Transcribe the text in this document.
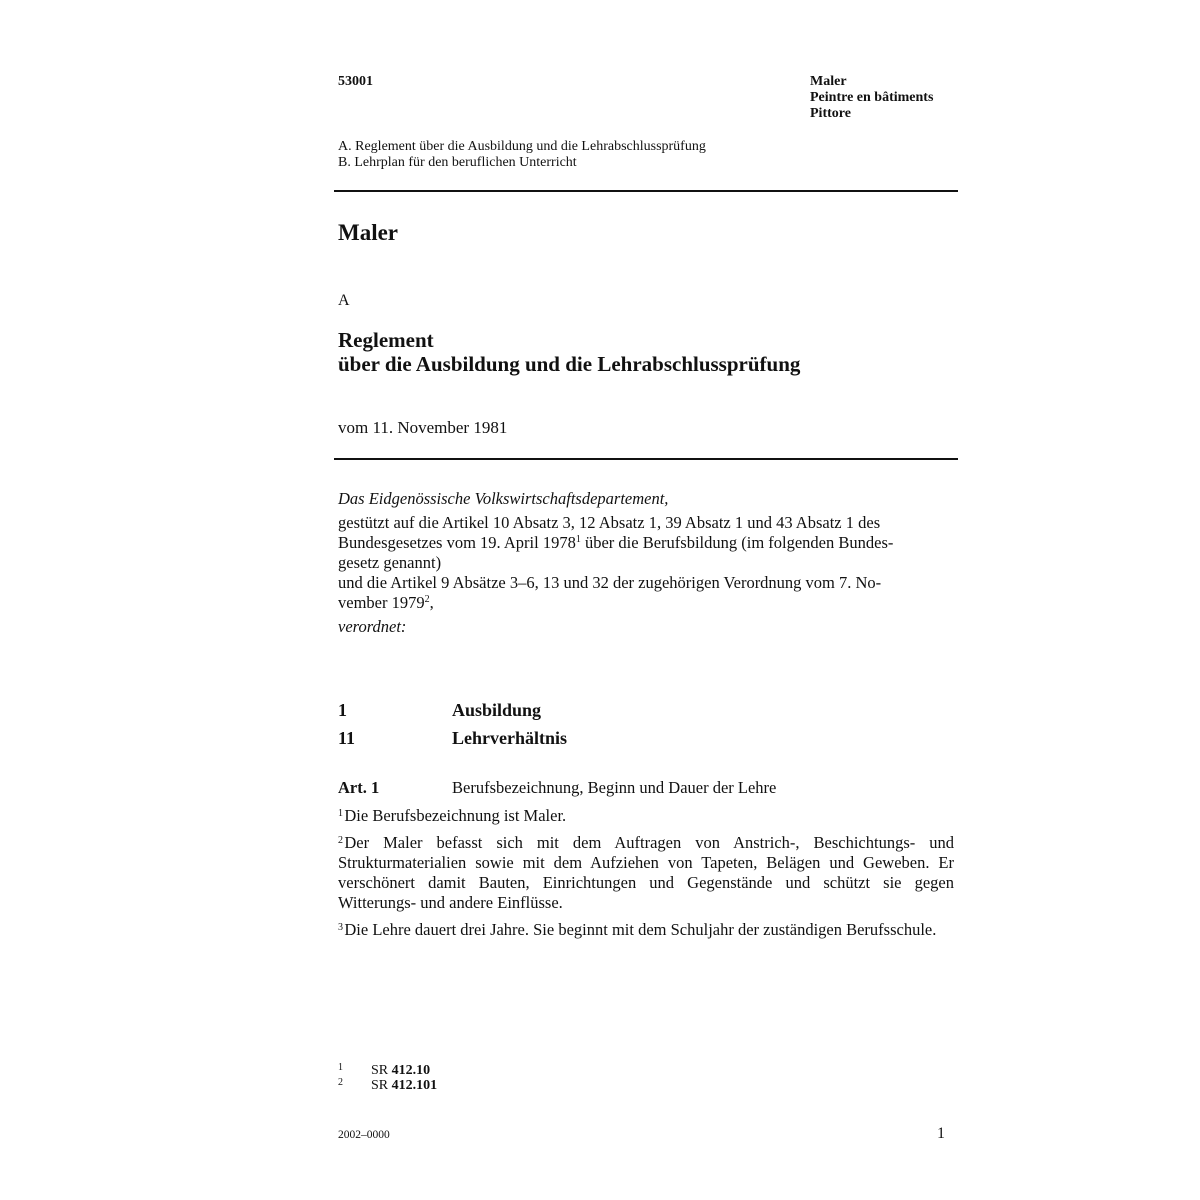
53001	Maler
Peintre en bâtiments
Pittore
A. Reglement über die Ausbildung und die Lehrabschlussprüfung
B. Lehrplan für den beruflichen Unterricht
Maler
A
Reglement
über die Ausbildung und die Lehrabschlussprüfung
vom 11. November 1981

Das Eidgenössische Volkswirtschaftsdepartement,

gestützt auf die Artikel 10 Absatz 3, 12 Absatz 1, 39 Absatz 1 und 43 Absatz 1 des
Bundesgesetzes vom 19. April 1978$^1$ über die Berufsbildung (im folgenden Bundes-
gesetz genannt)

und die Artikel 9 Absätze 3–6, 13 und 32 der zugehörigen Verordnung vom 7. No-
vember 1979$^2$,

verordnet:

1	Ausbildung
11	Lehrverhältnis
Art. 1	Berufsbezeichnung, Beginn und Dauer der Lehre

$^1$ Die Berufsbezeichnung ist Maler.

$^2$ Der Maler befasst sich mit dem Auftragen von Anstrich-, Beschichtungs- und Strukturmaterialien sowie mit dem Aufziehen von Tapeten, Belägen und Geweben. Er verschönert damit Bauten, Einrichtungen und Gegenstände und schützt sie gegen Witterungs- und andere Einflüsse.

$^3$ Die Lehre dauert drei Jahre. Sie beginnt mit dem Schuljahr der zuständigen Berufsschule.

1 SR 412.10
2 SR 412.101
2002–0000	1
